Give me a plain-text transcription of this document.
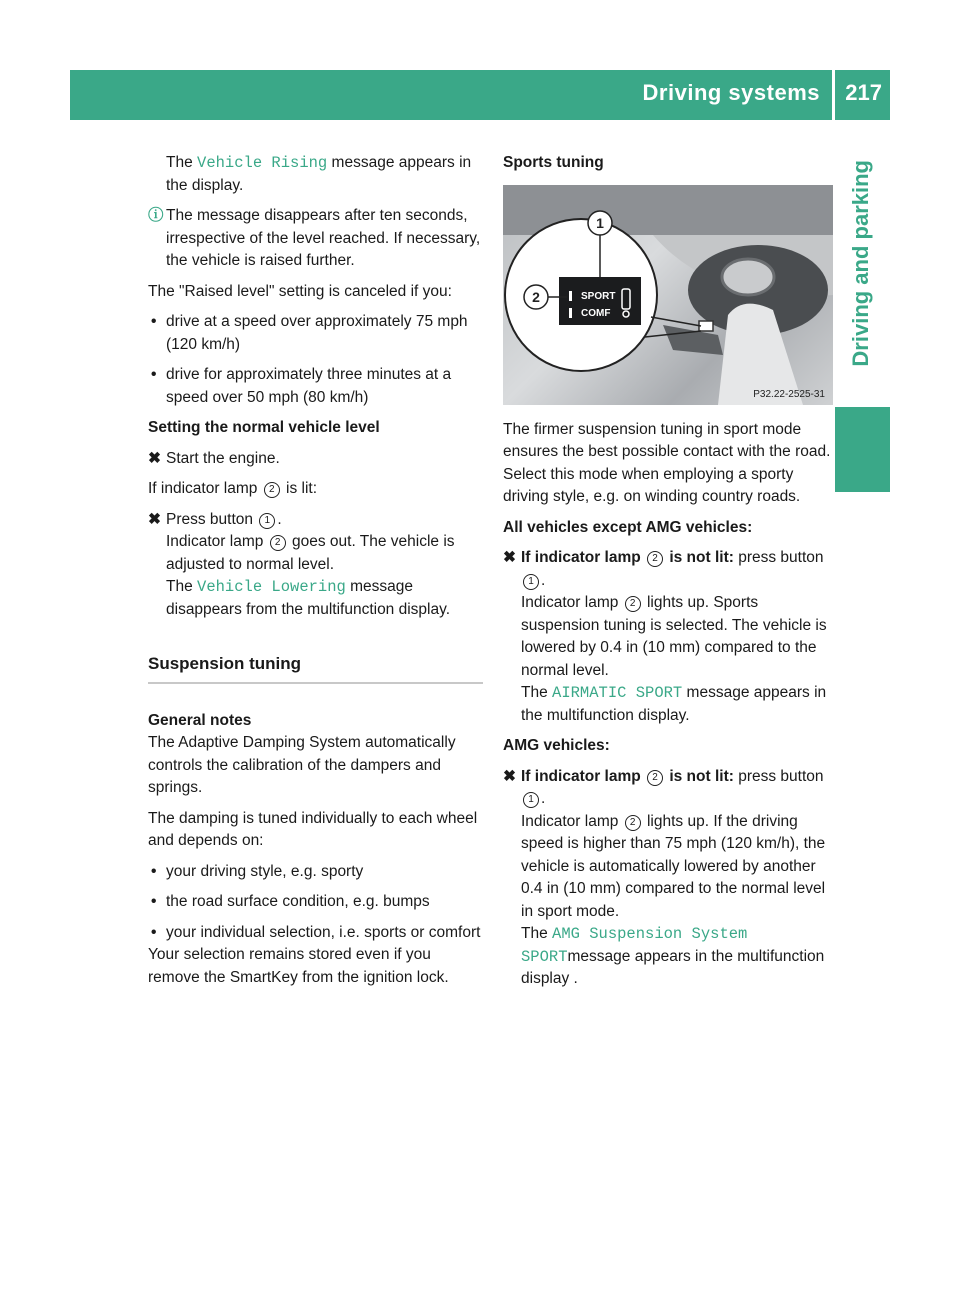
Driving systems 217
Driving and parking

The Vehicle Rising message appears in the display.

ⓘ The message disappears after ten seconds, irrespective of the level reached. If necessary, the vehicle is raised further.

The "Raised level" setting is canceled if you:

• drive at a speed over approximately 75 mph (120 km/h)

• drive for approximately three minutes at a speed over 50 mph (80 km/h)

Setting the normal vehicle level

✖ Start the engine.

If indicator lamp 2 is lit:

✖ Press button 1 .

Indicator lamp 2 goes out. The vehicle is adjusted to normal level.

The Vehicle Lowering message disappears from the multifunction display.

Suspension tuning

General notes

The Adaptive Damping System automatically controls the calibration of the dampers and springs.

The damping is tuned individually to each wheel and depends on:

• your driving style, e.g. sporty

• the road surface condition, e.g. bumps

• your individual selection, i.e. sports or comfort

Your selection remains stored even if you remove the SmartKey from the ignition lock.

Sports tuning

SPORT
COMF
1
2
P32.22-2525-31

The firmer suspension tuning in sport mode ensures the best possible contact with the road. Select this mode when employing a sporty driving style, e.g. on winding country roads.

All vehicles except AMG vehicles:

✖ If indicator lamp 2 is not lit: press button 1 .

Indicator lamp 2 lights up. Sports suspension tuning is selected. The vehicle is lowered by 0.4 in (10 mm) compared to the normal level.

The AIRMATIC SPORT message appears in the multifunction display.

AMG vehicles:

✖ If indicator lamp 2 is not lit: press button 1 .

Indicator lamp 2 lights up. If the driving speed is higher than 75 mph (120 km/h), the vehicle is automatically lowered by another 0.4 in (10 mm) compared to the normal level in sport mode.

The AMG Suspension System
SPORTmessage appears in the multifunction display .
